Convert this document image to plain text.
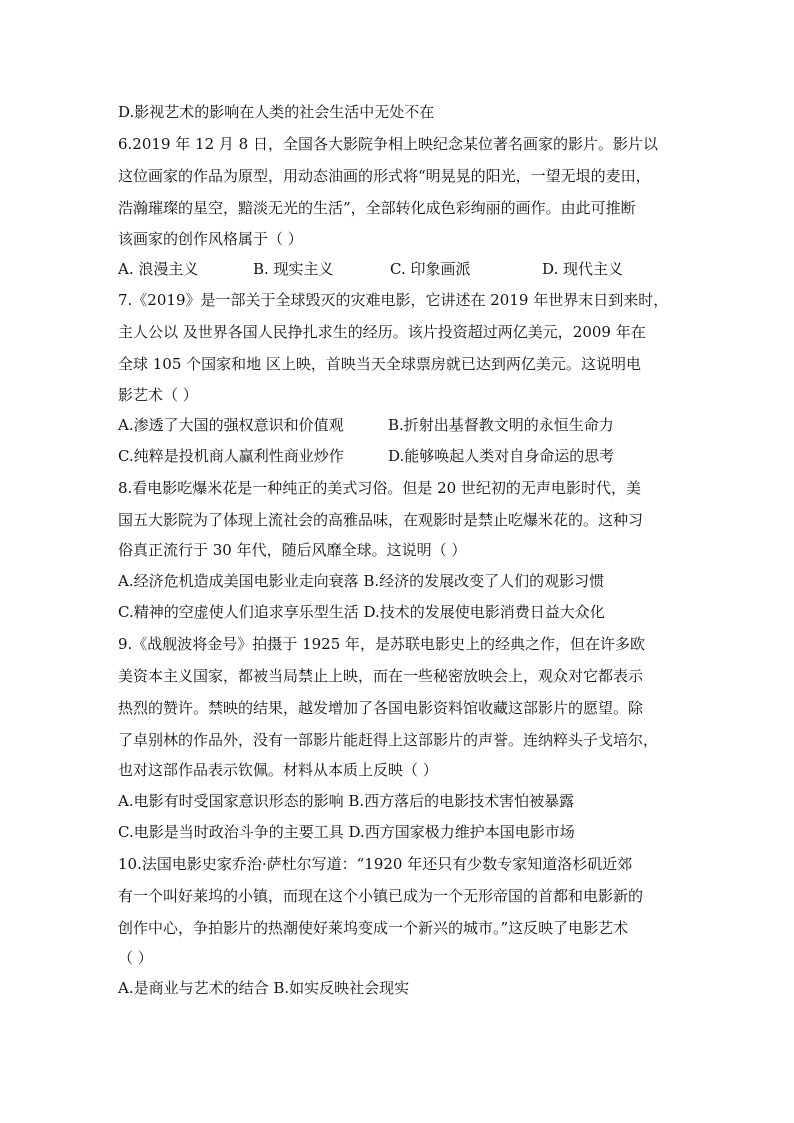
D.影视艺术的影响在人类的社会生活中无处不在
6.2019 年 12 月 8 日，全国各大影院争相上映纪念某位著名画家的影片。影片以
这位画家的作品为原型，用动态油画的形式将“明晃晃的阳光，一望无垠的麦田，
浩瀚璀璨的星空，黯淡无光的生活”，全部转化成色彩绚丽的画作。由此可推断
该画家的创作风格属于（ ）
A. 浪漫主义	B. 现实主义	C. 印象画派	D. 现代主义
7.《2019》是一部关于全球毁灭的灾难电影，它讲述在 2019 年世界末日到来时，
主人公以 及世界各国人民挣扎求生的经历。该片投资超过两亿美元，2009 年在
全球 105 个国家和地 区上映，首映当天全球票房就已达到两亿美元。这说明电
影艺术（ ）
A.渗透了大国的强权意识和价值观	B.折射出基督教文明的永恒生命力
C.纯粹是投机商人赢利性商业炒作	D.能够唤起人类对自身命运的思考
8.看电影吃爆米花是一种纯正的美式习俗。但是 20 世纪初的无声电影时代，美
国五大影院为了体现上流社会的高雅品味，在观影时是禁止吃爆米花的。这种习
俗真正流行于 30 年代，随后风靡全球。这说明（ ）
A.经济危机造成美国电影业走向衰落 B.经济的发展改变了人们的观影习惯
C.精神的空虚使人们追求享乐型生活 D.技术的发展使电影消费日益大众化
9.《战舰波将金号》拍摄于 1925 年，是苏联电影史上的经典之作，但在许多欧
美资本主义国家，都被当局禁止上映，而在一些秘密放映会上，观众对它都表示
热烈的赞许。禁映的结果，越发增加了各国电影资料馆收藏这部影片的愿望。除
了卓别林的作品外，没有一部影片能赶得上这部影片的声誉。连纳粹头子戈培尔，
也对这部作品表示钦佩。材料从本质上反映（ ）
A.电影有时受国家意识形态的影响 B.西方落后的电影技术害怕被暴露
C.电影是当时政治斗争的主要工具 D.西方国家极力维护本国电影市场
10.法国电影史家乔治·萨杜尔写道：“1920 年还只有少数专家知道洛杉矶近郊
有一个叫好莱坞的小镇，而现在这个小镇已成为一个无形帝国的首都和电影新的
创作中心，争拍影片的热潮使好莱坞变成一个新兴的城市。”这反映了电影艺术
（ ）
A.是商业与艺术的结合 B.如实反映社会现实
